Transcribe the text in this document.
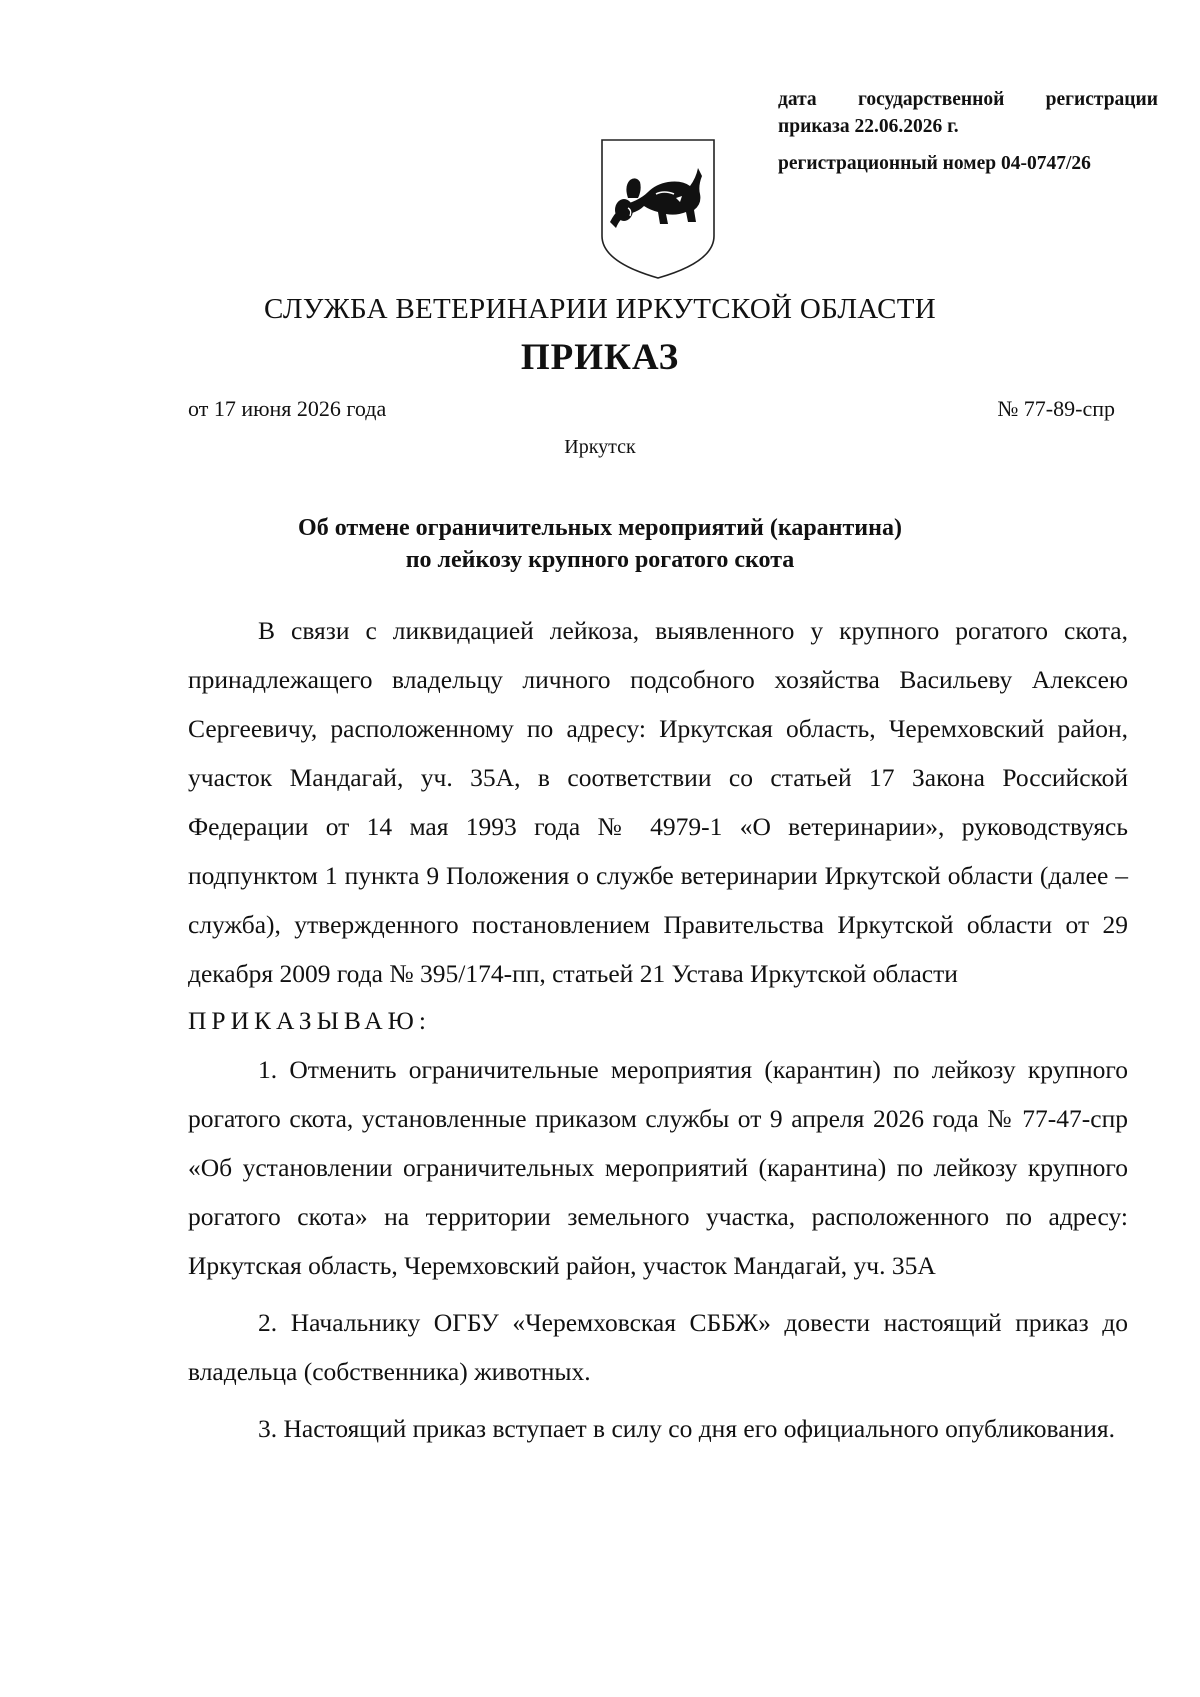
дата государственной регистрации
приказа 22.06.2026 г.
регистрационный номер 04-0747/26
СЛУЖБА ВЕТЕРИНАРИИ ИРКУТСКОЙ ОБЛАСТИ
ПРИКАЗ
от 17 июня 2026 года	№ 77-89-спр
Иркутск
Об отмене ограничительных мероприятий (карантина)
по лейкозу крупного рогатого скота

В связи с ликвидацией лейкоза, выявленного у крупного рогатого скота, принадлежащего владельцу личного подсобного хозяйства Васильеву Алексею Сергеевичу, расположенному по адресу: Иркутская область, Черемховский район, участок Мандагай, уч. 35А, в соответствии со статьей 17 Закона Российской Федерации от 14 мая 1993 года № 4979-1 «О ветеринарии», руководствуясь подпунктом 1 пункта 9 Положения о службе ветеринарии Иркутской области (далее – служба), утвержденного постановлением Правительства Иркутской области от 29 декабря 2009 года № 395/174-пп, статьей 21 Устава Иркутской области

ПРИКАЗЫВАЮ:

1. Отменить ограничительные мероприятия (карантин) по лейкозу крупного рогатого скота, установленные приказом службы от 9 апреля 2026 года № 77-47-спр «Об установлении ограничительных мероприятий (карантина) по лейкозу крупного рогатого скота» на территории земельного участка, расположенного по адресу: Иркутская область, Черемховский район, участок Мандагай, уч. 35А

2. Начальнику ОГБУ «Черемховская СББЖ» довести настоящий приказ до владельца (собственника) животных.

3. Настоящий приказ вступает в силу со дня его официального опубликования.
